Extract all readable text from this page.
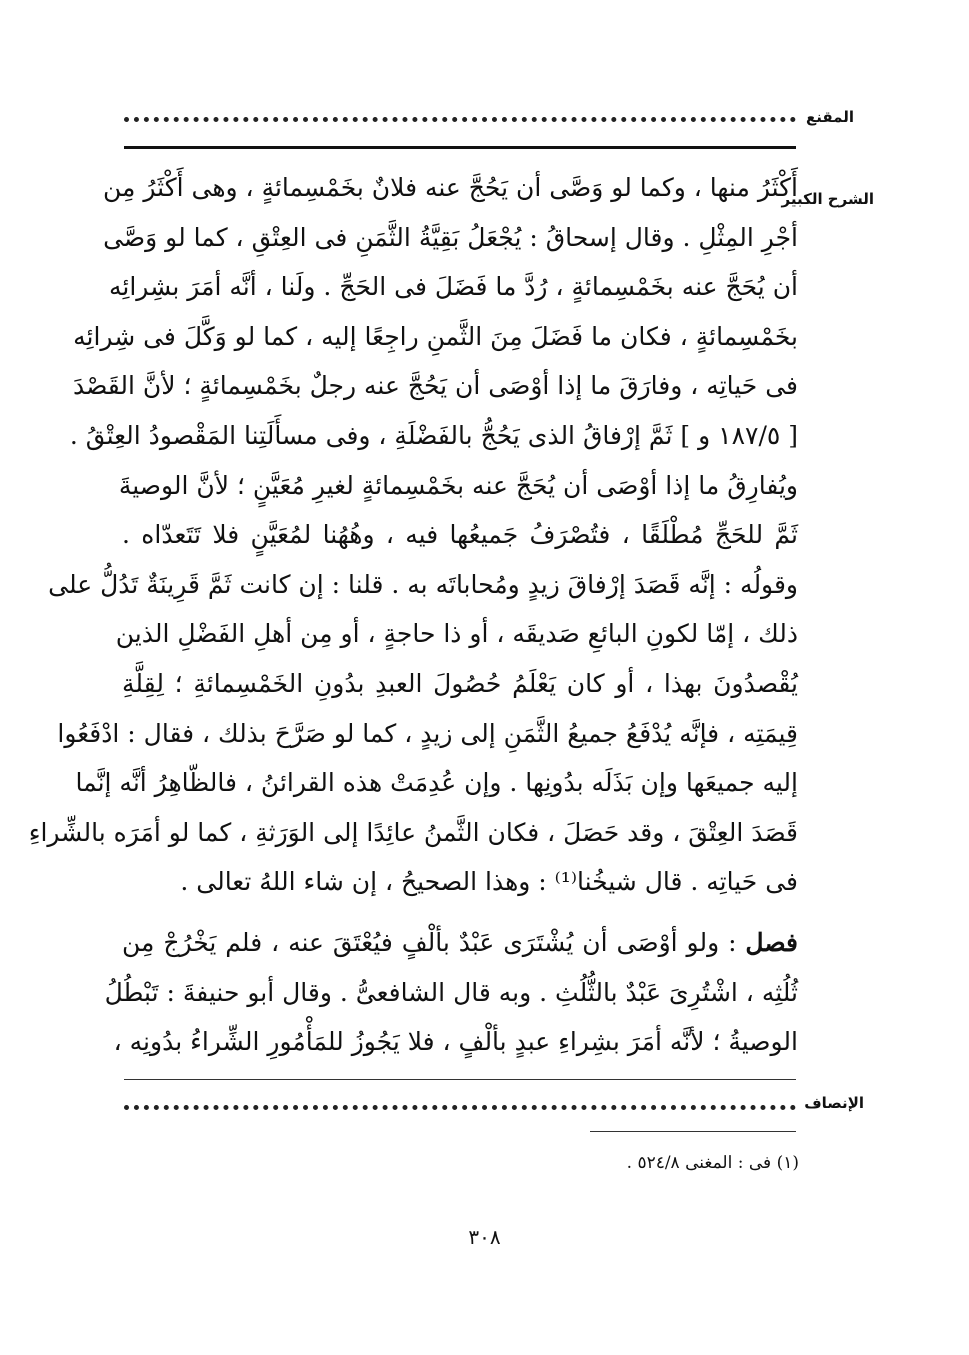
المقنع
الشرح الكبير
أَكْثَرُ منها ، وكما لو وَصَّى أن يَحُجَّ عنه فلانٌ بخَمْسِمائةٍ ، وهى أَكْثَرُ مِن
أجْرِ المِثْلِ . وقال إسحاقُ : يُجْعَلُ بَقِيَّةُ الثَّمَنِ فى العِتْقِ ، كما لو وَصَّى
أن يُحَجَّ عنه بخَمْسِمائةٍ ، رُدَّ ما فَضَلَ فى الحَجِّ . ولَنا ، أنَّه أمَرَ بشِرائِه
بخَمْسِمائةٍ ، فكان ما فَضَلَ مِنَ الثَّمنِ راجِعًا إليه ، كما لو وَكَّلَ فى شِرائِه
فى حَياتِه ، وفارَقَ ما إذا أوْصَى أن يَحُجَّ عنه رجلٌ بخَمْسِمائةٍ ؛ لأنَّ القَصْدَ
[ ١٨٧/٥ و ] ثَمَّ إرْفاقُ الذى يَحُجُّ بالفَضْلَةِ ، وفى مسأَلَتِنا المَقْصودُ العِتْقُ .
ويُفارِقُ ما إذا أوْصَى أن يُحَجَّ عنه بخَمْسِمائةٍ لغيرِ مُعَيَّنٍ ؛ لأنَّ الوصيةَ
ثَمَّ للحَجِّ مُطْلَقًا ، فتُصْرَفُ جَميعُها فيه ، وهُهُنا لمُعَيَّنٍ فلا تَتَعدّاه .
وقولُه : إنَّه قَصَدَ إرْفاقَ زيدٍ ومُحاباتَه به . قلنا : إن كانت ثَمَّ قَرِينَةٌ تَدُلُّ على
ذلك ، إمّا لكونِ البائعِ صَديقَه ، أو ذا حاجةٍ ، أو مِن أهلِ الفَضْلِ الذين
يُقْصدُونَ بهذا ، أو كان يَعْلَمُ حُصُولَ العبدِ بدُونِ الخَمْسِمائةِ ؛ لِقِلَّةِ
قِيمَتِه ، فإنَّه يُدْفَعُ جميعُ الثَّمَنِ إلى زيدٍ ، كما لو صَرَّحَ بذلك ، فقال : ادْفَعُوا
إليه جميعَها وإن بَذَلَه بدُونِها . وإن عُدِمَتْ هذه القرائنُ ، فالظّاهِرُ أنَّه إنَّما
قَصَدَ العِتْقَ ، وقد حَصَلَ ، فكان الثَّمنُ عائِدًا إلى الوَرَثةِ ، كما لو أمَرَه بالشِّراءِ
فى حَياتِه . قال شيخُنا⁽¹⁾ : وهذا الصحيحُ ، إن شاء اللهُ تعالى .
فصل : ولو أوْصَى أن يُشْتَرَى عَبْدٌ بألْفٍ فيُعْتَقَ عنه ، فلم يَخْرُجْ مِن
ثُلُثِه ، اشْتُرِىَ عَبْدٌ بالثُّلُثِ . وبه قال الشافعىُّ . وقال أبو حنيفةَ : تَبْطُلُ
الوصيةُ ؛ لأنَّه أمَرَ بشِراءِ عبدٍ بألْفٍ ، فلا يَجُوزُ للمَأْمُورِ الشِّراءُ بدُونِه ،
الإنصاف
(١) فى : المغنى ٥٢٤/٨ .
٣٠٨
